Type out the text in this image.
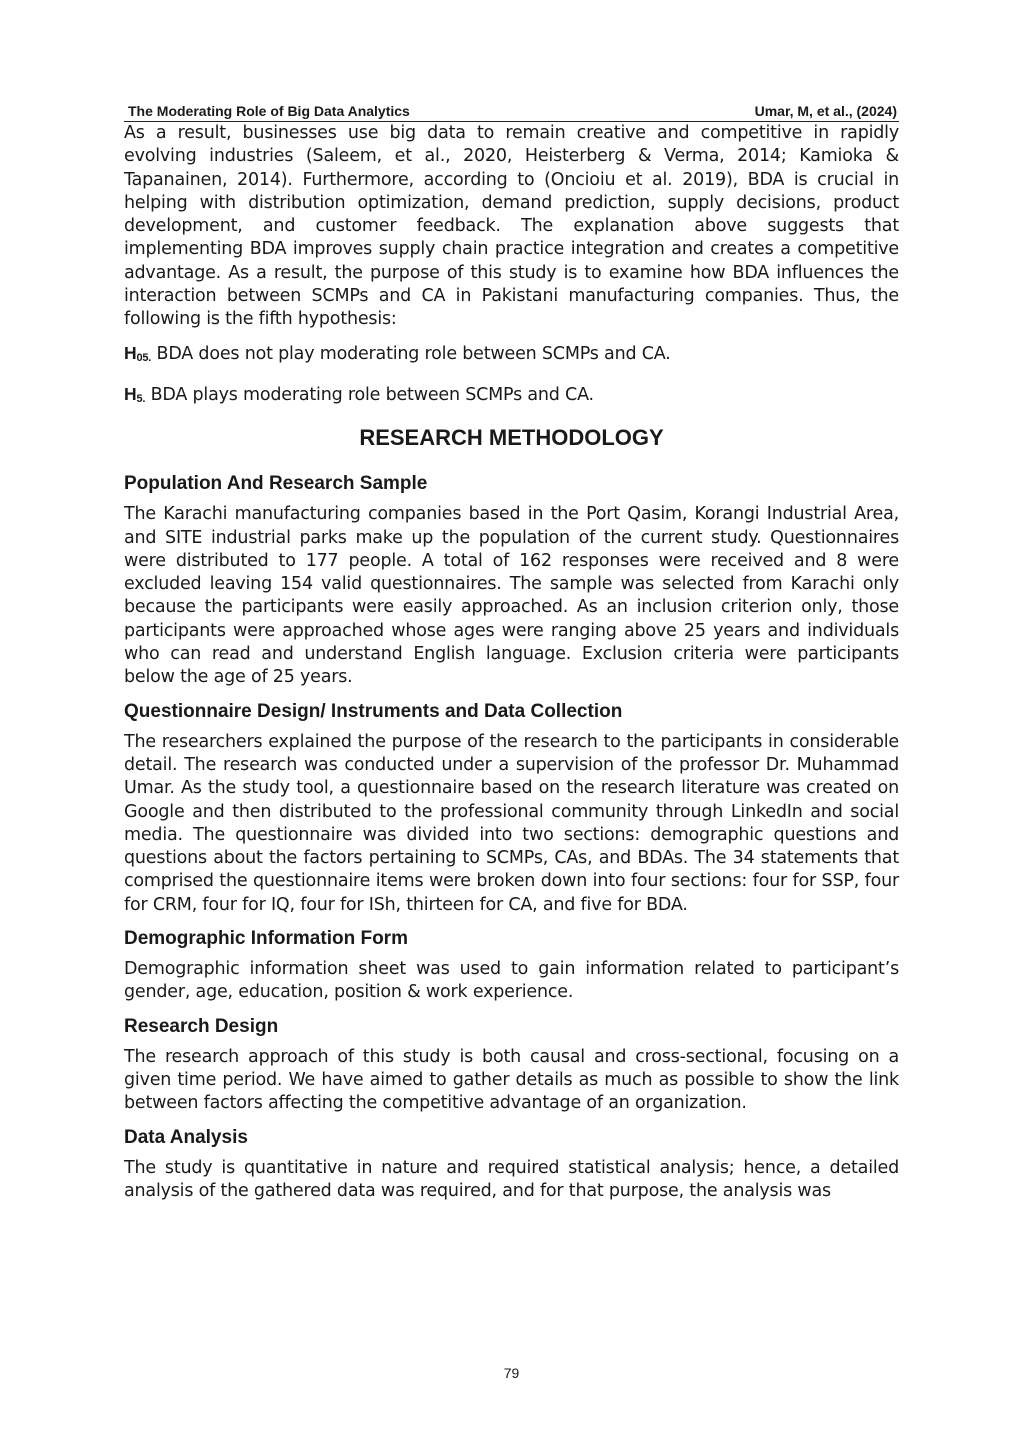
The Moderating Role of Big Data Analytics	Umar, M, et al., (2024)

As a result, businesses use big data to remain creative and competitive in rapidly evolving industries (Saleem, et al., 2020, Heisterberg & Verma, 2014; Kamioka & Tapanainen, 2014). Furthermore, according to (Oncioiu et al. 2019), BDA is crucial in helping with distribution optimization, demand prediction, supply decisions, product development, and customer feedback. The explanation above suggests that implementing BDA improves supply chain practice integration and creates a competitive advantage. As a result, the purpose of this study is to examine how BDA influences the interaction between SCMPs and CA in Pakistani manufacturing companies. Thus, the following is the fifth hypothesis:

$H_{05.}$ BDA does not play moderating role between SCMPs and CA.

$H_{5.}$ BDA plays moderating role between SCMPs and CA.

RESEARCH METHODOLOGY
Population And Research Sample

The Karachi manufacturing companies based in the Port Qasim, Korangi Industrial Area, and SITE industrial parks make up the population of the current study. Questionnaires were distributed to 177 people. A total of 162 responses were received and 8 were excluded leaving 154 valid questionnaires. The sample was selected from Karachi only because the participants were easily approached. As an inclusion criterion only, those participants were approached whose ages were ranging above 25 years and individuals who can read and understand English language. Exclusion criteria were participants below the age of 25 years.

Questionnaire Design/ Instruments and Data Collection

The researchers explained the purpose of the research to the participants in considerable detail. The research was conducted under a supervision of the professor Dr. Muhammad Umar. As the study tool, a questionnaire based on the research literature was created on Google and then distributed to the professional community through LinkedIn and social media. The questionnaire was divided into two sections: demographic questions and questions about the factors pertaining to SCMPs, CAs, and BDAs. The 34 statements that comprised the questionnaire items were broken down into four sections: four for SSP, four for CRM, four for IQ, four for ISh, thirteen for CA, and five for BDA.

Demographic Information Form

Demographic information sheet was used to gain information related to participant’s gender, age, education, position & work experience.

Research Design

The research approach of this study is both causal and cross-sectional, focusing on a given time period. We have aimed to gather details as much as possible to show the link between factors affecting the competitive advantage of an organization.

Data Analysis

The study is quantitative in nature and required statistical analysis; hence, a detailed analysis of the gathered data was required, and for that purpose, the analysis was

79
